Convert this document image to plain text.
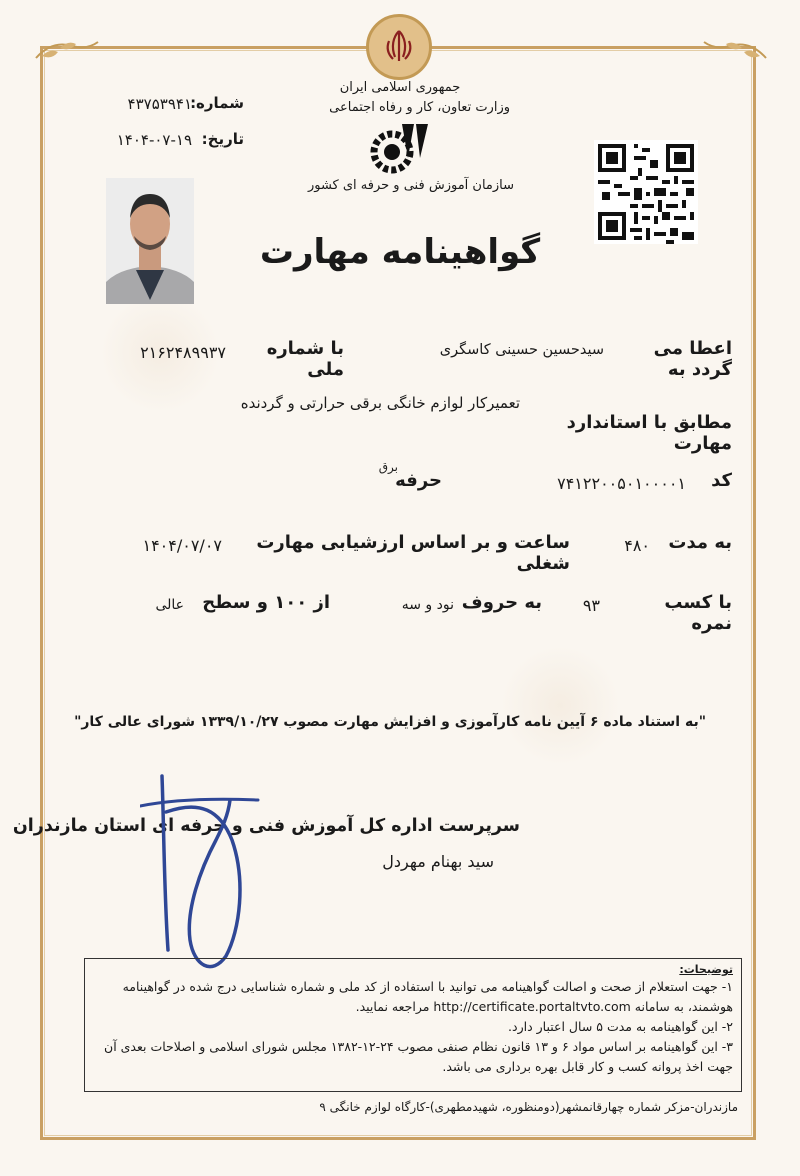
جمهوری اسلامی ایران
وزارت تعاون، کار و رفاه اجتماعی
سازمان آموزش فنی و حرفه ای کشور
شماره:
۴۳۷۵۳۹۴۱
تاریخ:
۱۴۰۴-۰۷-۱۹
گواهینامه مهارت
اعطا می گردد به
سیدحسین حسینی کاسگری
با شماره ملی
۲۱۶۲۴۸۹۹۳۷
تعمیرکار لوازم خانگی برقی حرارتی و گردنده
مطابق با استاندارد مهارت
کد
۷۴۱۲۲۰۰۵۰۱۰۰۰۰۱
حرفه
برق
به مدت
۴۸۰
ساعت و بر اساس ارزشیابی مهارت شغلی
۱۴۰۴/۰۷/۰۷
با کسب نمره
۹۳
به حروف
نود و سه
از ۱۰۰ و سطح
عالی
"به استناد ماده ۶ آیین نامه کارآموزی و افزایش مهارت مصوب ۱۳۳۹/۱۰/۲۷ شورای عالی کار"
سرپرست اداره کل آموزش فنی و حرفه ای استان مازندران
سید بهنام مهردل
توضیحات:
۱- جهت استعلام از صحت و اصالت گواهینامه می توانید با استفاده از کد ملی و شماره شناسایی درج شده در گواهینامه هوشمند، به سامانه http://certificate.portaltvto.com مراجعه نمایید.
۲- این گواهینامه به مدت ۵ سال اعتبار دارد.
۳- این گواهینامه بر اساس مواد ۶ و ۱۳ قانون نظام صنفی مصوب ۲۴-۱۲-۱۳۸۲ مجلس شورای اسلامی و اصلاحات بعدی آن جهت اخذ پروانه کسب و کار قابل بهره برداری می باشد.
مازندران-مزکر شماره چهارقانمشهر(دومنظوره، شهیدمطهری)-کارگاه لوازم خانگی ۹
